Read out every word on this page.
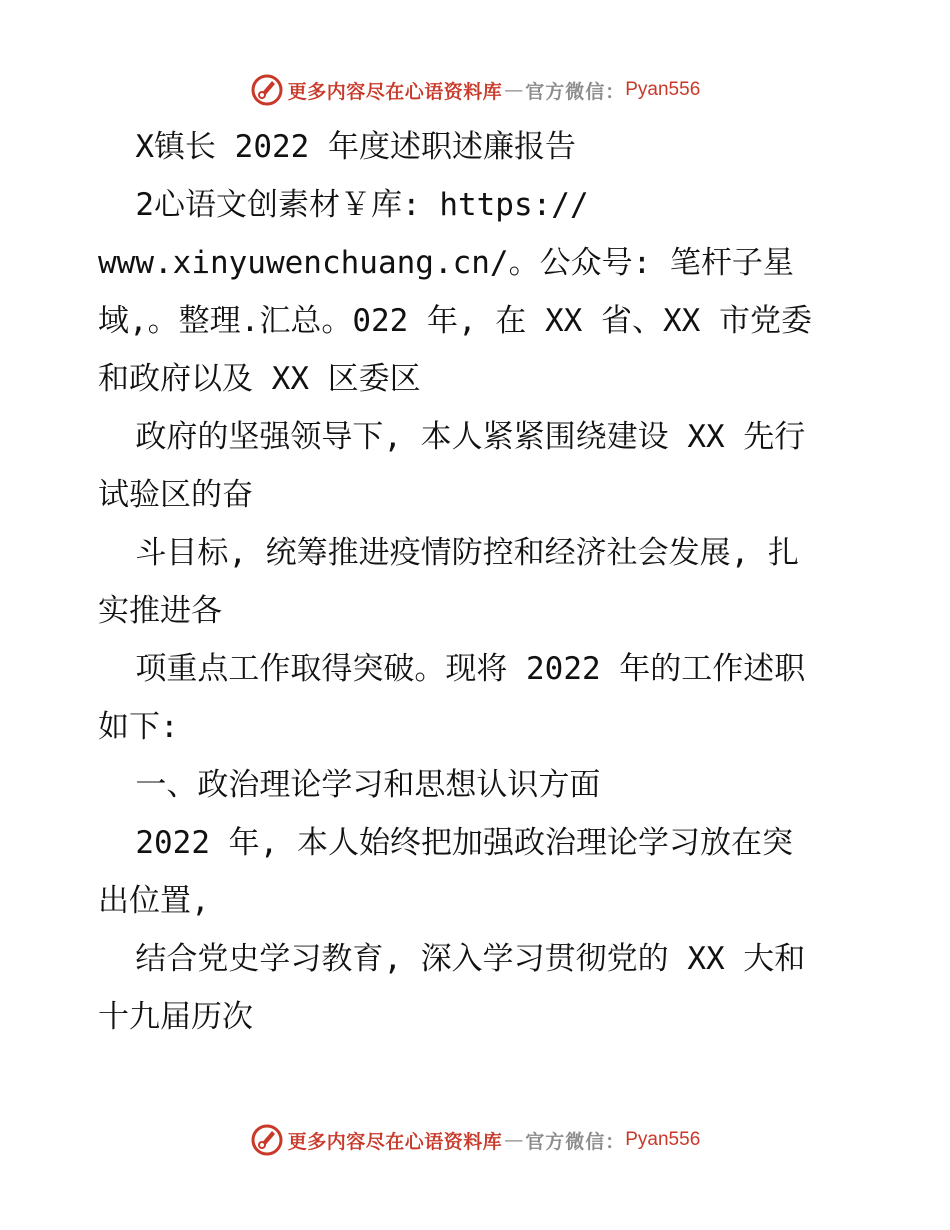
更多内容尽在心语资料库 — 官方微信： Pyan556
X镇长 2022 年度述职述廉报告
2心语文创素材￥库: https://
www.xinyuwenchuang.cn/。公众号: 笔杆子星
域,。整理.汇总。022 年, 在 XX 省、XX 市党委
和政府以及 XX 区委区
政府的坚强领导下, 本人紧紧围绕建设 XX 先行
试验区的奋
斗目标, 统筹推进疫情防控和经济社会发展, 扎
实推进各
项重点工作取得突破。现将 2022 年的工作述职
如下:
一、政治理论学习和思想认识方面
2022 年, 本人始终把加强政治理论学习放在突
出位置,
结合党史学习教育, 深入学习贯彻党的 XX 大和
十九届历次
更多内容尽在心语资料库 — 官方微信： Pyan556
